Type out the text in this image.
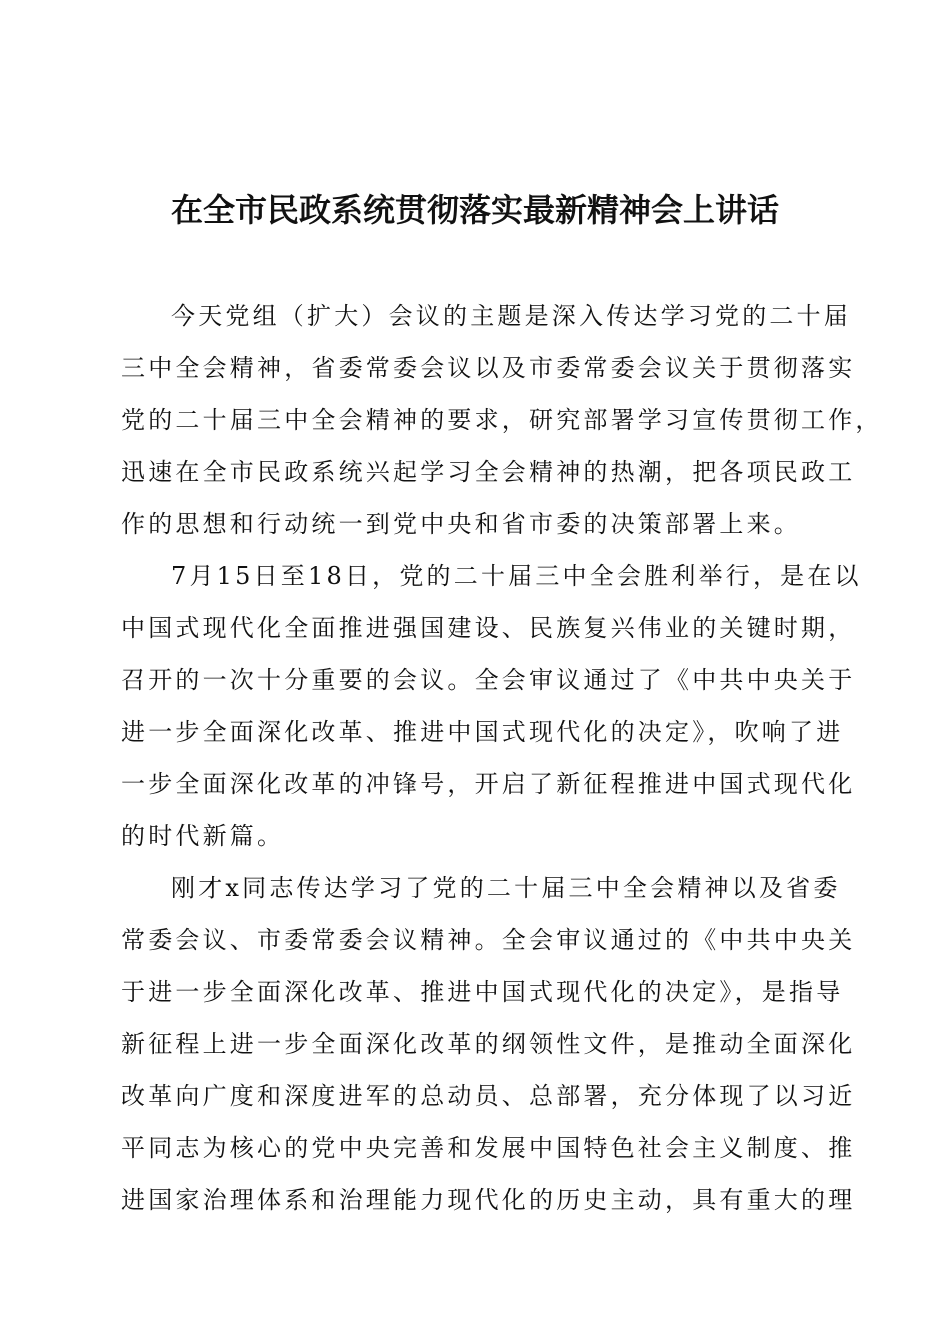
在全市民政系统贯彻落实最新精神会上讲话
今天党组（扩大）会议的主题是深入传达学习党的二十届
三中全会精神，省委常委会议以及市委常委会议关于贯彻落实
党的二十届三中全会精神的要求，研究部署学习宣传贯彻工作，
迅速在全市民政系统兴起学习全会精神的热潮，把各项民政工
作的思想和行动统一到党中央和省市委的决策部署上来。
7月15日至18日，党的二十届三中全会胜利举行，是在以
中国式现代化全面推进强国建设、民族复兴伟业的关键时期，
召开的一次十分重要的会议。全会审议通过了《中共中央关于
进一步全面深化改革、推进中国式现代化的决定》，吹响了进
一步全面深化改革的冲锋号，开启了新征程推进中国式现代化
的时代新篇。
刚才x同志传达学习了党的二十届三中全会精神以及省委
常委会议、市委常委会议精神。全会审议通过的《中共中央关
于进一步全面深化改革、推进中国式现代化的决定》，是指导
新征程上进一步全面深化改革的纲领性文件，是推动全面深化
改革向广度和深度进军的总动员、总部署，充分体现了以习近
平同志为核心的党中央完善和发展中国特色社会主义制度、推
进国家治理体系和治理能力现代化的历史主动，具有重大的理
